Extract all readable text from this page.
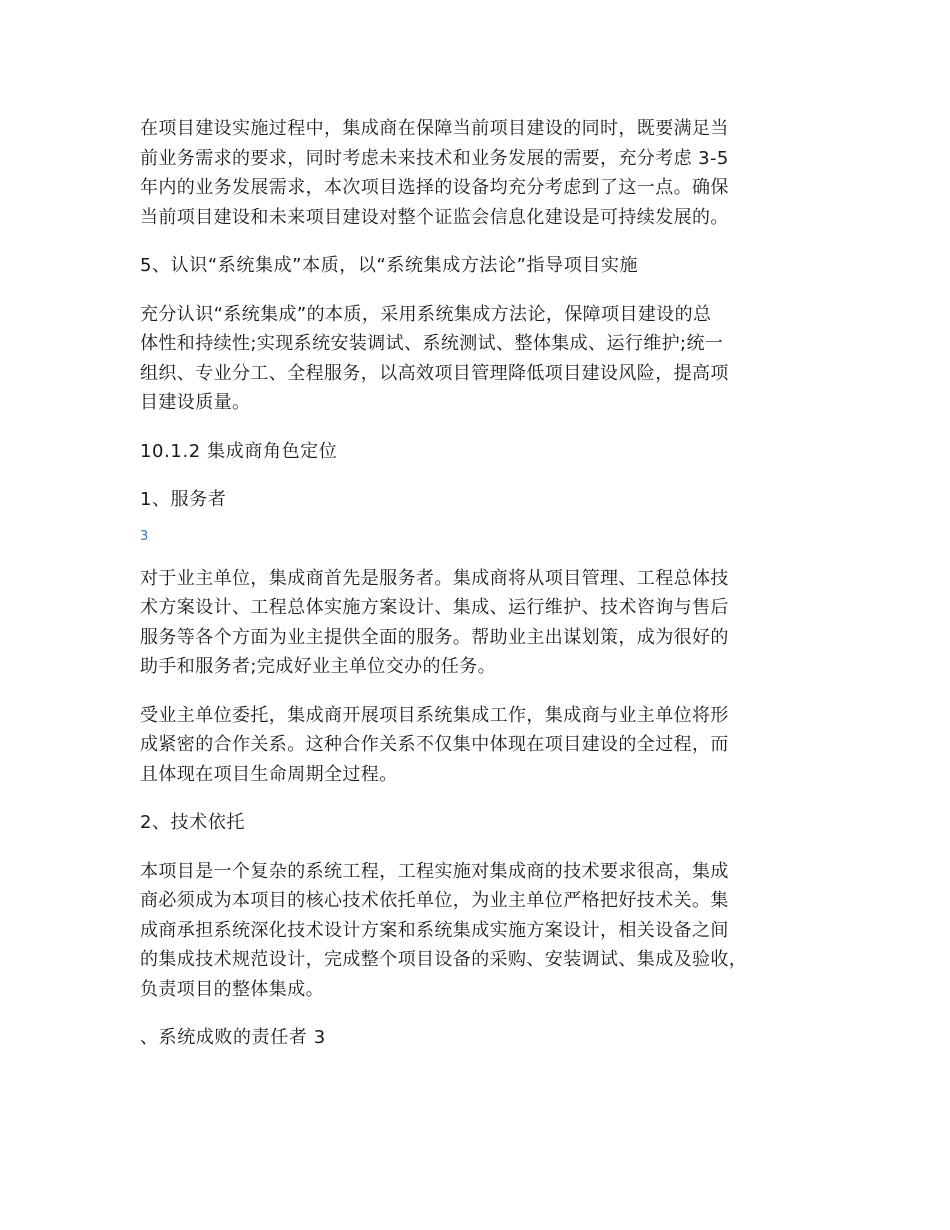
在项目建设实施过程中，集成商在保障当前项目建设的同时，既要满足当
前业务需求的要求，同时考虑未来技术和业务发展的需要，充分考虑 3-5
年内的业务发展需求，本次项目选择的设备均充分考虑到了这一点。确保
当前项目建设和未来项目建设对整个证监会信息化建设是可持续发展的。

5、认识“系统集成”本质，以“系统集成方法论”指导项目实施

充分认识“系统集成”的本质，采用系统集成方法论，保障项目建设的总
体性和持续性;实现系统安装调试、系统测试、整体集成、运行维护;统一
组织、专业分工、全程服务，以高效项目管理降低项目建设风险，提高项
目建设质量。

10.1.2 集成商角色定位

1、服务者

3

对于业主单位，集成商首先是服务者。集成商将从项目管理、工程总体技
术方案设计、工程总体实施方案设计、集成、运行维护、技术咨询与售后
服务等各个方面为业主提供全面的服务。帮助业主出谋划策，成为很好的
助手和服务者;完成好业主单位交办的任务。

受业主单位委托，集成商开展项目系统集成工作，集成商与业主单位将形
成紧密的合作关系。这种合作关系不仅集中体现在项目建设的全过程，而
且体现在项目生命周期全过程。

2、技术依托

本项目是一个复杂的系统工程，工程实施对集成商的技术要求很高，集成
商必须成为本项目的核心技术依托单位，为业主单位严格把好技术关。集
成商承担系统深化技术设计方案和系统集成实施方案设计，相关设备之间
的集成技术规范设计，完成整个项目设备的采购、安装调试、集成及验收，
负责项目的整体集成。

、系统成败的责任者 3
